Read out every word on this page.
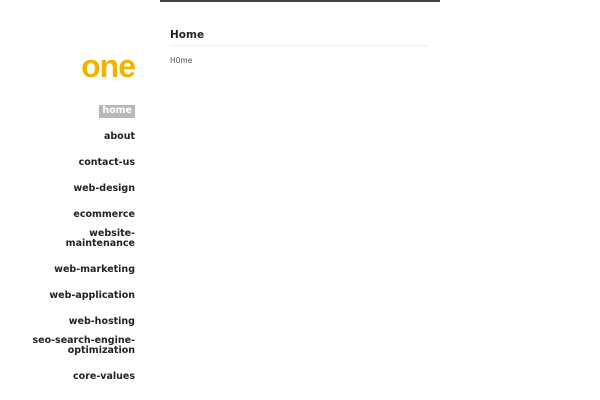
one
home
about
contact-us
web-design
ecommerce
website-
maintenance
web-marketing
web-application
web-hosting
seo-search-engine-
optimization
core-values
Home

H0me
